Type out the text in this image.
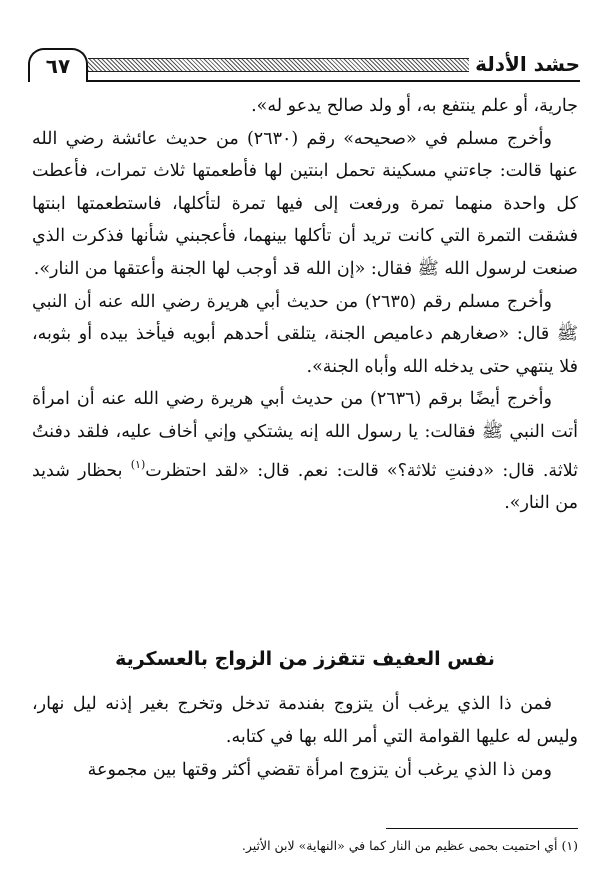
٦٧	حشد الأدلة

جارية، أو علم ينتفع به، أو ولد صالح يدعو له».

وأخرج مسلم في «صحيحه» رقم (٢٦٣٠) من حديث عائشة رضي الله عنها قالت: جاءتني مسكينة تحمل ابنتين لها فأطعمتها ثلاث تمرات، فأعطت كل واحدة منهما تمرة ورفعت إلى فيها تمرة لتأكلها، فاستطعمتها ابنتها فشقت التمرة التي كانت تريد أن تأكلها بينهما، فأعجبني شأنها فذكرت الذي صنعت لرسول الله ﷺ فقال: «إن الله قد أوجب لها الجنة وأعتقها من النار».

وأخرج مسلم رقم (٢٦٣٥) من حديث أبي هريرة رضي الله عنه أن النبي ﷺ قال: «صغارهم دعاميص الجنة، يتلقى أحدهم أبويه فيأخذ بيده أو بثوبه، فلا ينتهي حتى يدخله الله وأباه الجنة».

وأخرج أيضًا برقم (٢٦٣٦) من حديث أبي هريرة رضي الله عنه أن امرأة أتت النبي ﷺ فقالت: يا رسول الله إنه يشتكي وإني أخاف عليه، فلقد دفنتُ ثلاثة. قال: «دفنتِ ثلاثة؟» قالت: نعم. قال: «لقد احتظرت$^{(١)}$ بحظار شديد من النار».

نفس العفيف تتقزز من الزواج بالعسكرية

فمن ذا الذي يرغب أن يتزوج بفندمة تدخل وتخرج بغير إذنه ليل نهار، وليس له عليها القوامة التي أمر الله بها في كتابه.

ومن ذا الذي يرغب أن يتزوج امرأة تقضي أكثر وقتها بين مجموعة

(١) أي احتميت بحمى عظيم من النار كما في «النهاية» لابن الأثير.
